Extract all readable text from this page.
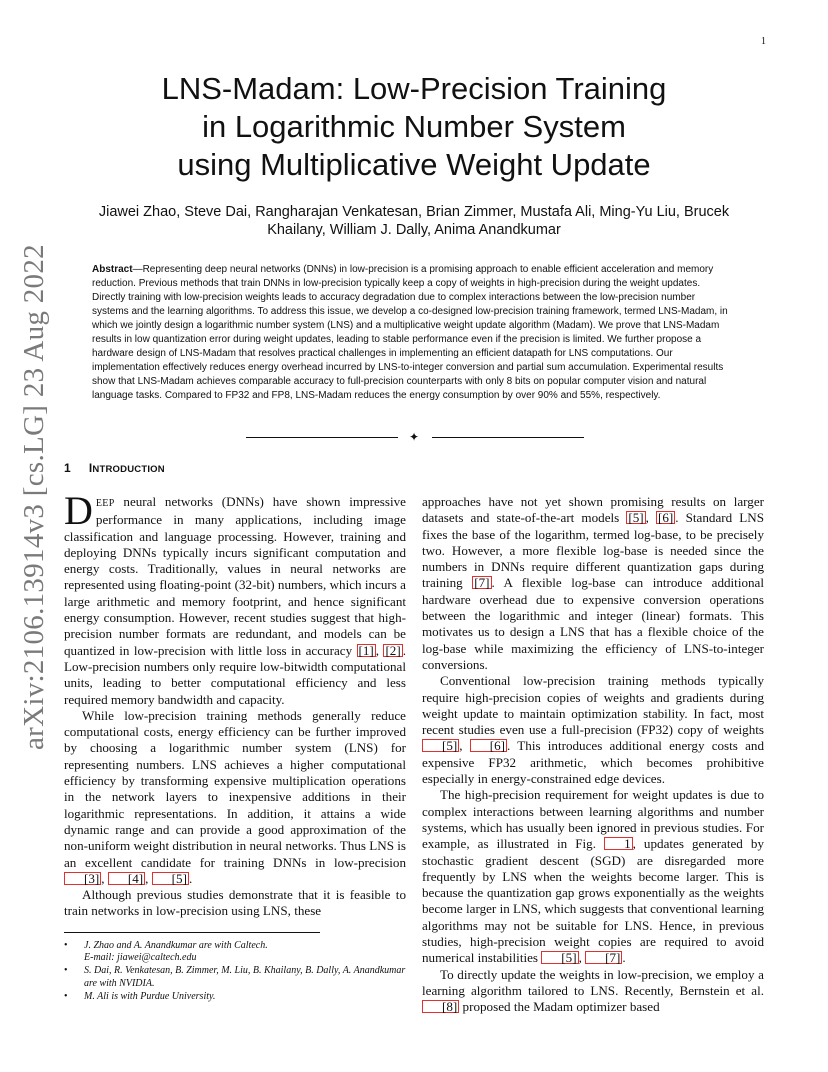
1
arXiv:2106.13914v3 [cs.LG] 23 Aug 2022
LNS-Madam: Low-Precision Training
in Logarithmic Number System
using Multiplicative Weight Update
Jiawei Zhao, Steve Dai, Rangharajan Venkatesan, Brian Zimmer, Mustafa Ali, Ming-Yu Liu, Brucek
Khailany, William J. Dally, Anima Anandkumar
Abstract—Representing deep neural networks (DNNs) in low-precision is a promising approach to enable efficient acceleration and memory reduction. Previous methods that train DNNs in low-precision typically keep a copy of weights in high-precision during the weight updates. Directly training with low-precision weights leads to accuracy degradation due to complex interactions between the low-precision number systems and the learning algorithms. To address this issue, we develop a co-designed low-precision training framework, termed LNS-Madam, in which we jointly design a logarithmic number system (LNS) and a multiplicative weight update algorithm (Madam). We prove that LNS-Madam results in low quantization error during weight updates, leading to stable performance even if the precision is limited. We further propose a hardware design of LNS-Madam that resolves practical challenges in implementing an efficient datapath for LNS computations. Our implementation effectively reduces energy overhead incurred by LNS-to-integer conversion and partial sum accumulation. Experimental results show that LNS-Madam achieves comparable accuracy to full-precision counterparts with only 8 bits on popular computer vision and natural language tasks. Compared to FP32 and FP8, LNS-Madam reduces the energy consumption by over 90% and 55%, respectively.
✦
1 INTRODUCTION

DEEP neural networks (DNNs) have shown impressive performance in many applications, including image classification and language processing. However, training and deploying DNNs typically incurs significant computation and energy costs. Traditionally, values in neural networks are represented using floating-point (32-bit) numbers, which incurs a large arithmetic and memory footprint, and hence significant energy consumption. However, recent studies suggest that high-precision number formats are redundant, and models can be quantized in low-precision with little loss in accuracy [1] , [2] . Low-precision numbers only require low-bitwidth computational units, leading to better computational efficiency and less required memory bandwidth and capacity.

While low-precision training methods generally reduce computational costs, energy efficiency can be further improved by choosing a logarithmic number system (LNS) for representing numbers. LNS achieves a higher computational efficiency by transforming expensive multiplication operations in the network layers to inexpensive additions in their logarithmic representations. In addition, it attains a wide dynamic range and can provide a good approximation of the non-uniform weight distribution in neural networks. Thus LNS is an excellent candidate for training DNNs in low-precision [3] , [4] , [5] .

Although previous studies demonstrate that it is feasible to train networks in low-precision using LNS, these

• J. Zhao and A. Anandkumar are with Caltech.
E-mail: jiawei@caltech.edu
• S. Dai, R. Venkatesan, B. Zimmer, M. Liu, B. Khailany, B. Dally, A. Anandkumar are with NVIDIA.
• M. Ali is with Purdue University.

approaches have not yet shown promising results on larger datasets and state-of-the-art models [5] , [6] . Standard LNS fixes the base of the logarithm, termed log-base, to be precisely two. However, a more flexible log-base is needed since the numbers in DNNs require different quantization gaps during training [7] . A flexible log-base can introduce additional hardware overhead due to expensive conversion operations between the logarithmic and integer (linear) formats. This motivates us to design a LNS that has a flexible choice of the log-base while maximizing the efficiency of LNS-to-integer conversions.

Conventional low-precision training methods typically require high-precision copies of weights and gradients during weight update to maintain optimization stability. In fact, most recent studies even use a full-precision (FP32) copy of weights [5] , [6] . This introduces additional energy costs and expensive FP32 arithmetic, which becomes prohibitive especially in energy-constrained edge devices.

The high-precision requirement for weight updates is due to complex interactions between learning algorithms and number systems, which has usually been ignored in previous studies. For example, as illustrated in Fig. 1 , updates generated by stochastic gradient descent (SGD) are disregarded more frequently by LNS when the weights become larger. This is because the quantization gap grows exponentially as the weights become larger in LNS, which suggests that conventional learning algorithms may not be suitable for LNS. Hence, in previous studies, high-precision weight copies are required to avoid numerical instabilities [5] , [7] .

To directly update the weights in low-precision, we employ a learning algorithm tailored to LNS. Recently, Bernstein et al. [8] proposed the Madam optimizer based
